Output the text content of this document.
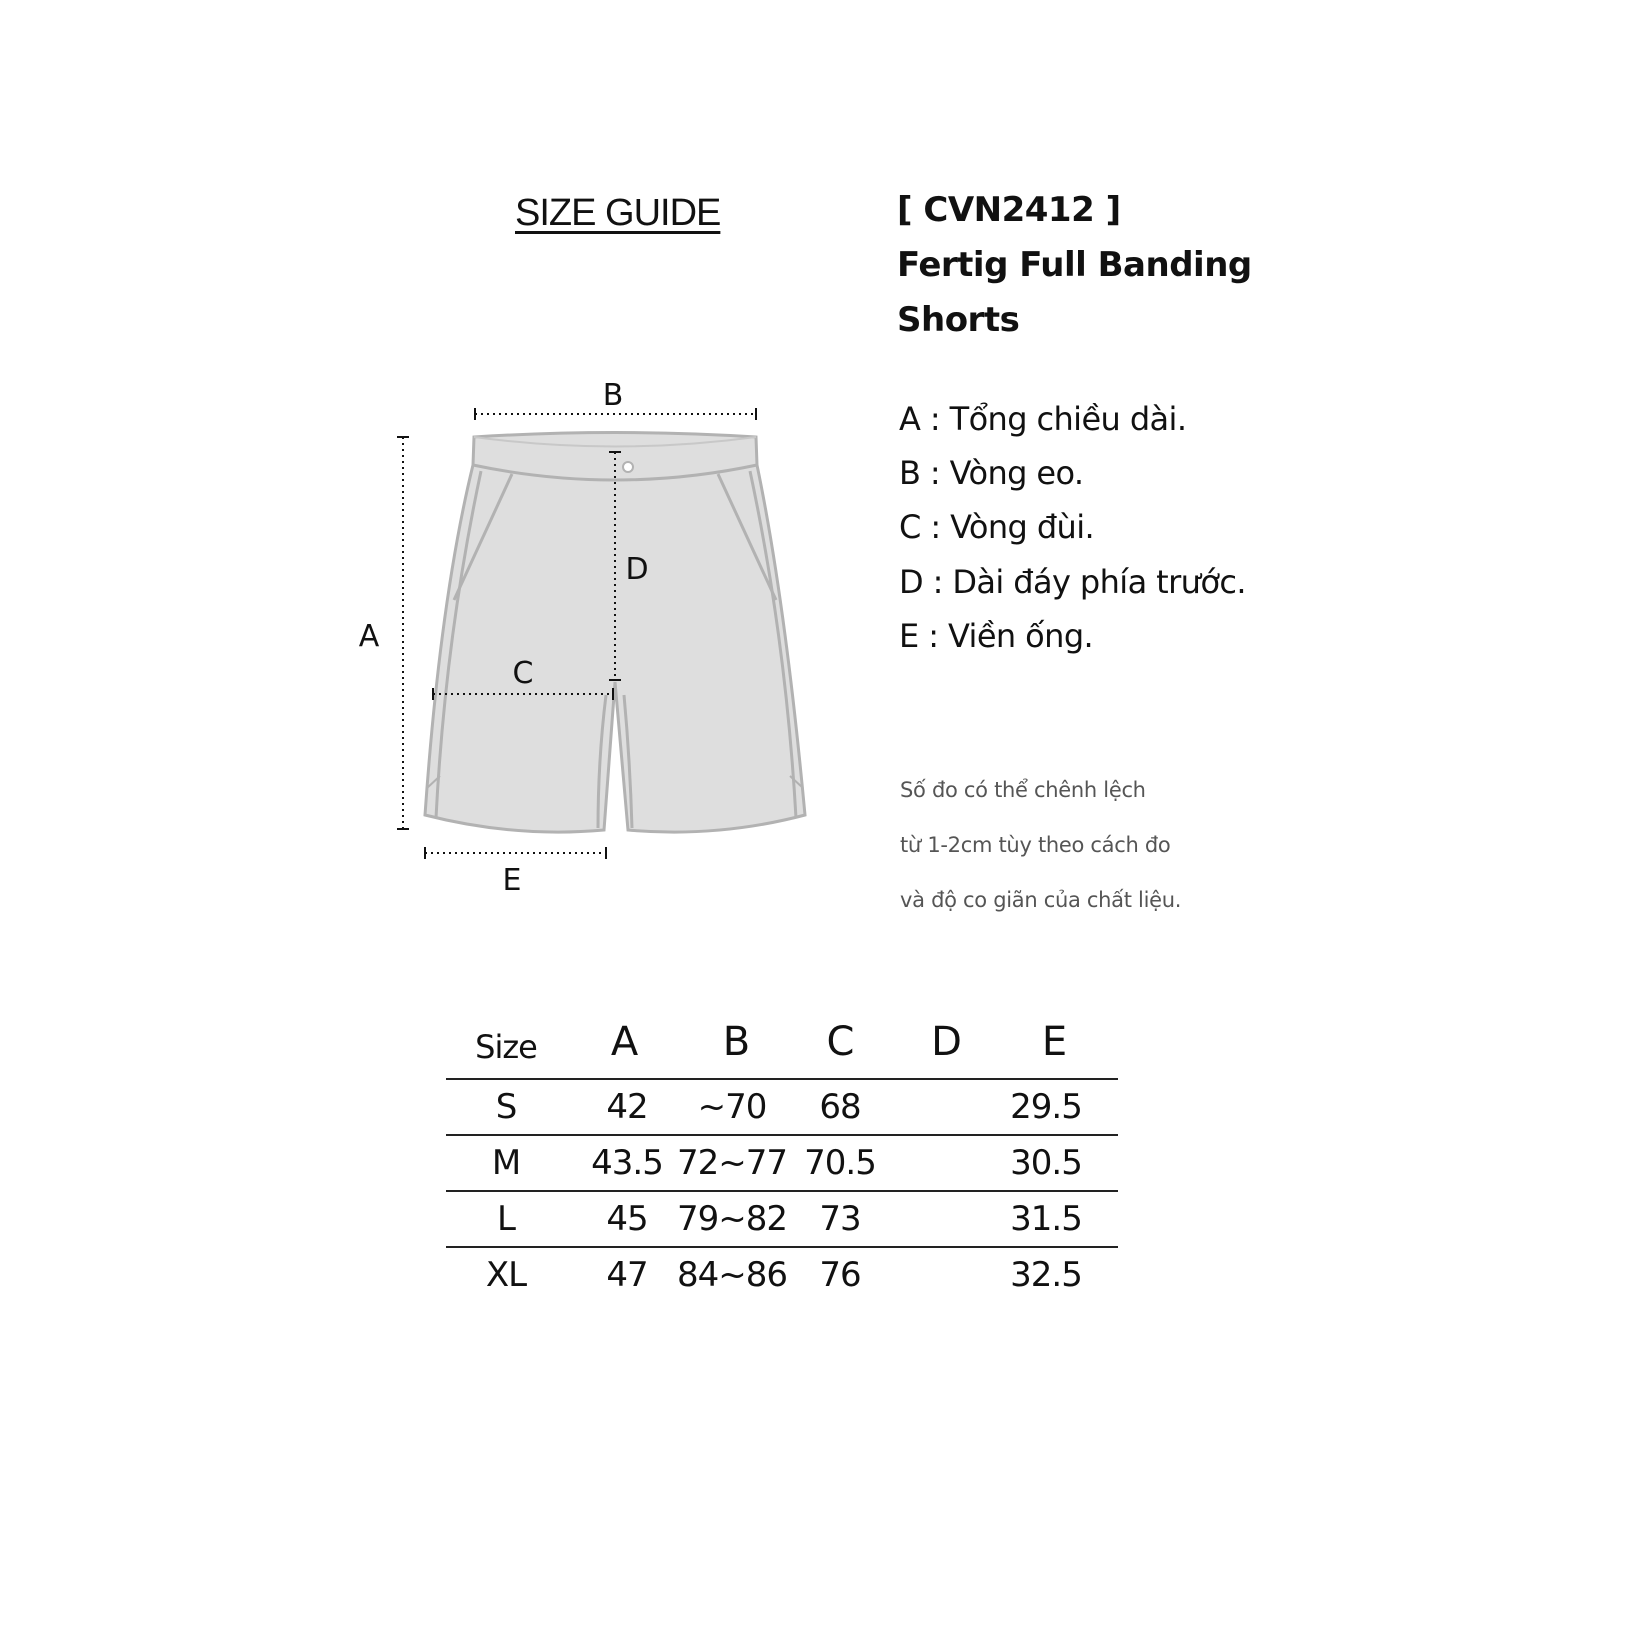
SIZE GUIDE	[ CVN2412 ]
Fertig Full Banding
Shorts
A : Tổng chiều dài.
B : Vòng eo.
C : Vòng đùi.
D : Dài đáy phía trước.
E : Viền ống.
Số đo có thể chênh lệch
từ 1-2cm tùy theo cách đo
và độ co giãn của chất liệu.
B
A
D
C
E
Size A B C D E
S	42 ~70 68	29.5
M 43.5 72~77 70.5	30.5
L	45 79~82 73	31.5
XL 47 84~86 76	32.5
